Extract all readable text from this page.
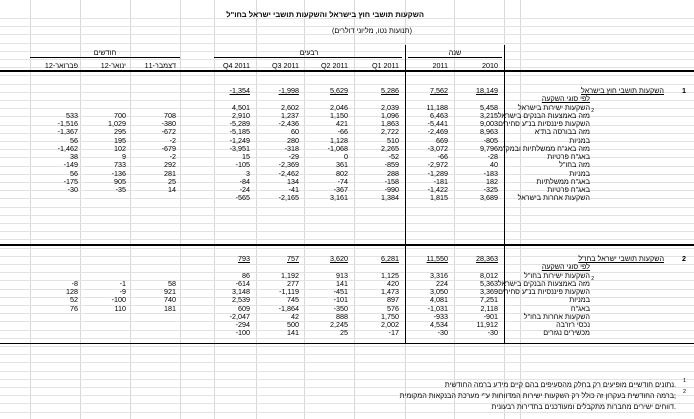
השקעות תושבי חוץ בישראל והשקעות תושבי ישראל בחו"ל
(תנועות נטו, מליוני דולרים)
שנה
רבעים
חודשים
2010
2011
Q1 2011
Q2 2011
Q3 2011
Q4 2011
דצמבר-11
ינואר-12
פברואר-12
1
השקעות תושבי חוץ בישראל
18,149
7,562
5,286
5,629
-1,998
-1,354
לפי סוגי השקעה
השקעות ישירות בישראל
5,458
11,188
2,039
2,046
2,602
4,501
מזה באמצעות הבנקים בישראל 2
3,215
6,463
1,096
1,150
1,237
2,910
708
700
533
השקעות פיננסיות בנ"ע סחירים
9,003
-5,441
1,863
421
-2,436
-5,289
-380
1,029
-1,516
מזה בבורסה בת"א
8,963
-2,469
2,722
-66
60
-5,185
-672
295
-1,367
במניות
-805
669
510
1,128
280
-1,249
-2
195
56
מזה באג"ח ממשלתיות ובמק"מ
9,796
-3,072
2,265
-1,068
-318
-3,951
-679
102
-1,462
באג"ח פרטיות
-28
-66
-52
0
-29
15
-2
9
38
מזה בחו"ל
40
-2,972
-859
361
-2,369
-105
292
733
-149
במניות
-183
-1,289
288
802
-2,462
3
281
-136
56
באג"ח ממשלתיות
182
-181
-158
-74
134
-84
25
905
-175
באג"ח פרטיות
-325
-1,422
-990
-367
-41
-24
14
-35
-30
השקעות אחרות בישראל
3,689
1,815
1,384
3,161
-2,165
-565
2
השקעות תושבי ישראל בחו"ל
28,363
11,550
6,281
3,620
757
793
לפי סוגי השקעה
השקעות ישירות בחו"ל
8,012
3,316
1,125
913
1,192
86
מזה באמצעות הבנקים בישראל 2
5,363
224
420
141
277
-614
58
-1
-8
השקעות פיננסיות בנ"ע סחירים
3,369
3,050
1,473
-451
-1,119
3,148
921
-9
128
במניות
7,251
4,081
897
-101
745
2,539
740
-100
52
באג"ח
2,118
-1,031
576
-350
-1,864
609
181
110
76
השקעות אחרות בחו"ל
-901
-933
1,750
888
42
-2,047
נכסי רזרבה
11,912
4,534
2,002
2,245
500
-294
מכשירים נגזרים
-30
-30
-17
25
141
-100
1
נתונים חודשיים מופיעים רק בחלק מהסעיפים בהם קיים מידע ברמה החודשית.
2
ברמה החודשית בעקרון זה כולל רק השקעות ישירות המדווחות ע"י מערכת הבנקאות המקומית;
דווחים ישירים מחברות מתקבלים ומעודכנים בתדירות רבעונית.
